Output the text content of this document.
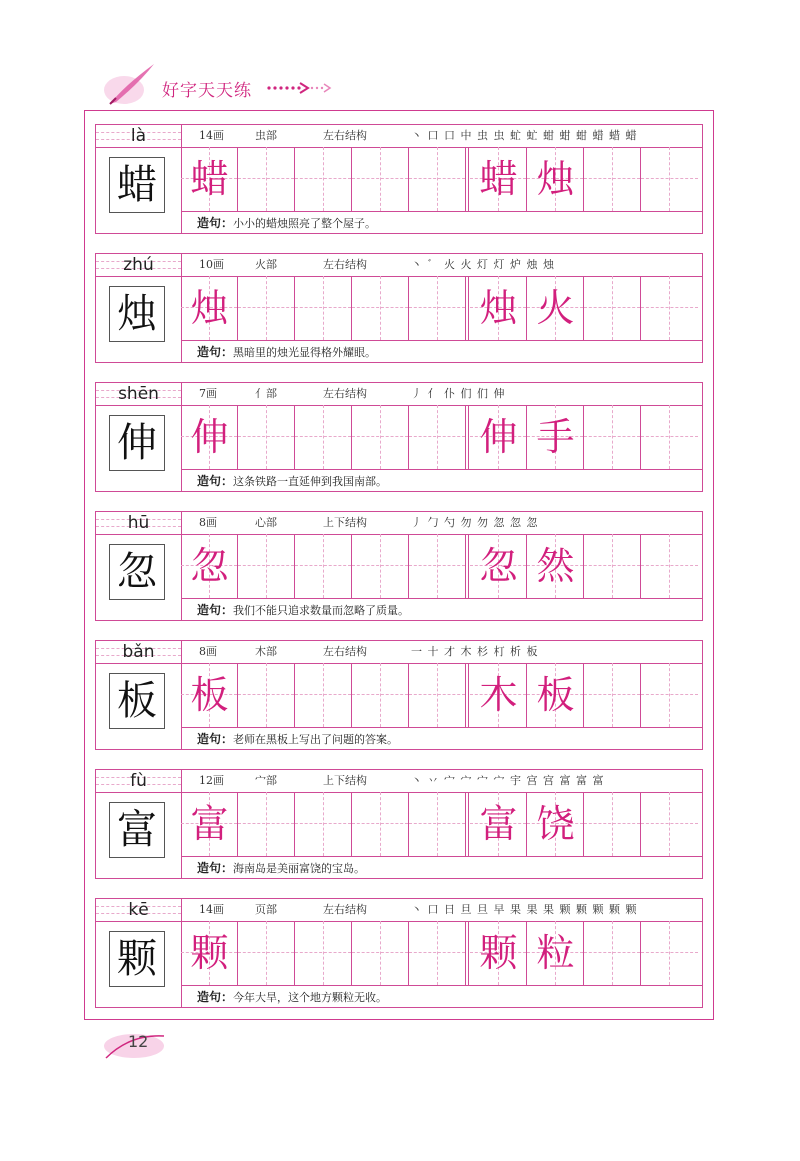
好字天天练
là
蜡
14画	虫部	左右结构	丶 口 口 中 虫 虫 虻 虻 蚶 蚶 蚶 蜡 蜡 蜡
蜡	蜡 烛
造句：小小的蜡烛照亮了整个屋子。
zhú
烛
10画	火部	左右结构	丶 ゛ 火 火 灯 灯 炉 烛 烛
烛	烛 火
造句：黑暗里的烛光显得格外耀眼。
shēn
伸
7画	亻部	左右结构	丿 亻 仆 们 们 伸
伸	伸 手
造句：这条铁路一直延伸到我国南部。
hū
忽
8画	心部	上下结构	丿 勹 勺 勿 勿 忽 忽 忽
忽	忽 然
造句：我们不能只追求数量而忽略了质量。
bǎn
板
8画	木部	左右结构	一 十 才 木 杉 朾 析 板
板	木 板
造句：老师在黑板上写出了问题的答案。
fù
富
12画	宀部	上下结构	丶 丷 宀 宀 宀 宀 宇 宫 宫 富 富 富
富	富 饶
造句：海南岛是美丽富饶的宝岛。
kē
颗
14画	页部	左右结构	丶 口 日 旦 旦 早 果 果 果 颗 颗 颗 颗 颗
颗	颗 粒
造句：今年大旱，这个地方颗粒无收。
12
